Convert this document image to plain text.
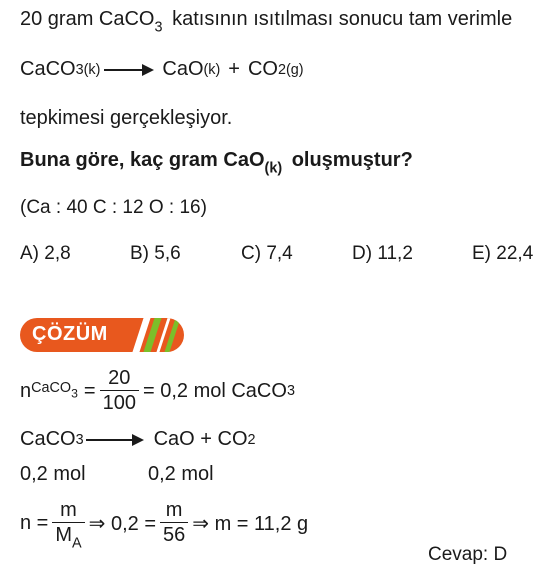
20 gram CaCO$_3$ katısının ısıtılması sonucu tam verimle
CaCO 3(k)	CaO (k) + CO 2(g)
tepkimesi gerçekleşiyor.
Buna göre, kaç gram CaO$_{(k)}$ oluşmuştur?
(Ca : 40 C : 12 O : 16)
A) 2,8	B) 5,6	C) 7,4	D) 11,2	E) 22,4
ÇÖZÜM
n CaCO$_3$ = $\frac{20}{100} = 0,2$ mol CaCO 3
CaCO 3	CaO + CO 2
0,2 mol	0,2 mol
$n = \frac{m}{M_A}$ ⇒ $0,2 = \frac{m}{56}$ ⇒ m = 11,2 g
Cevap: D
